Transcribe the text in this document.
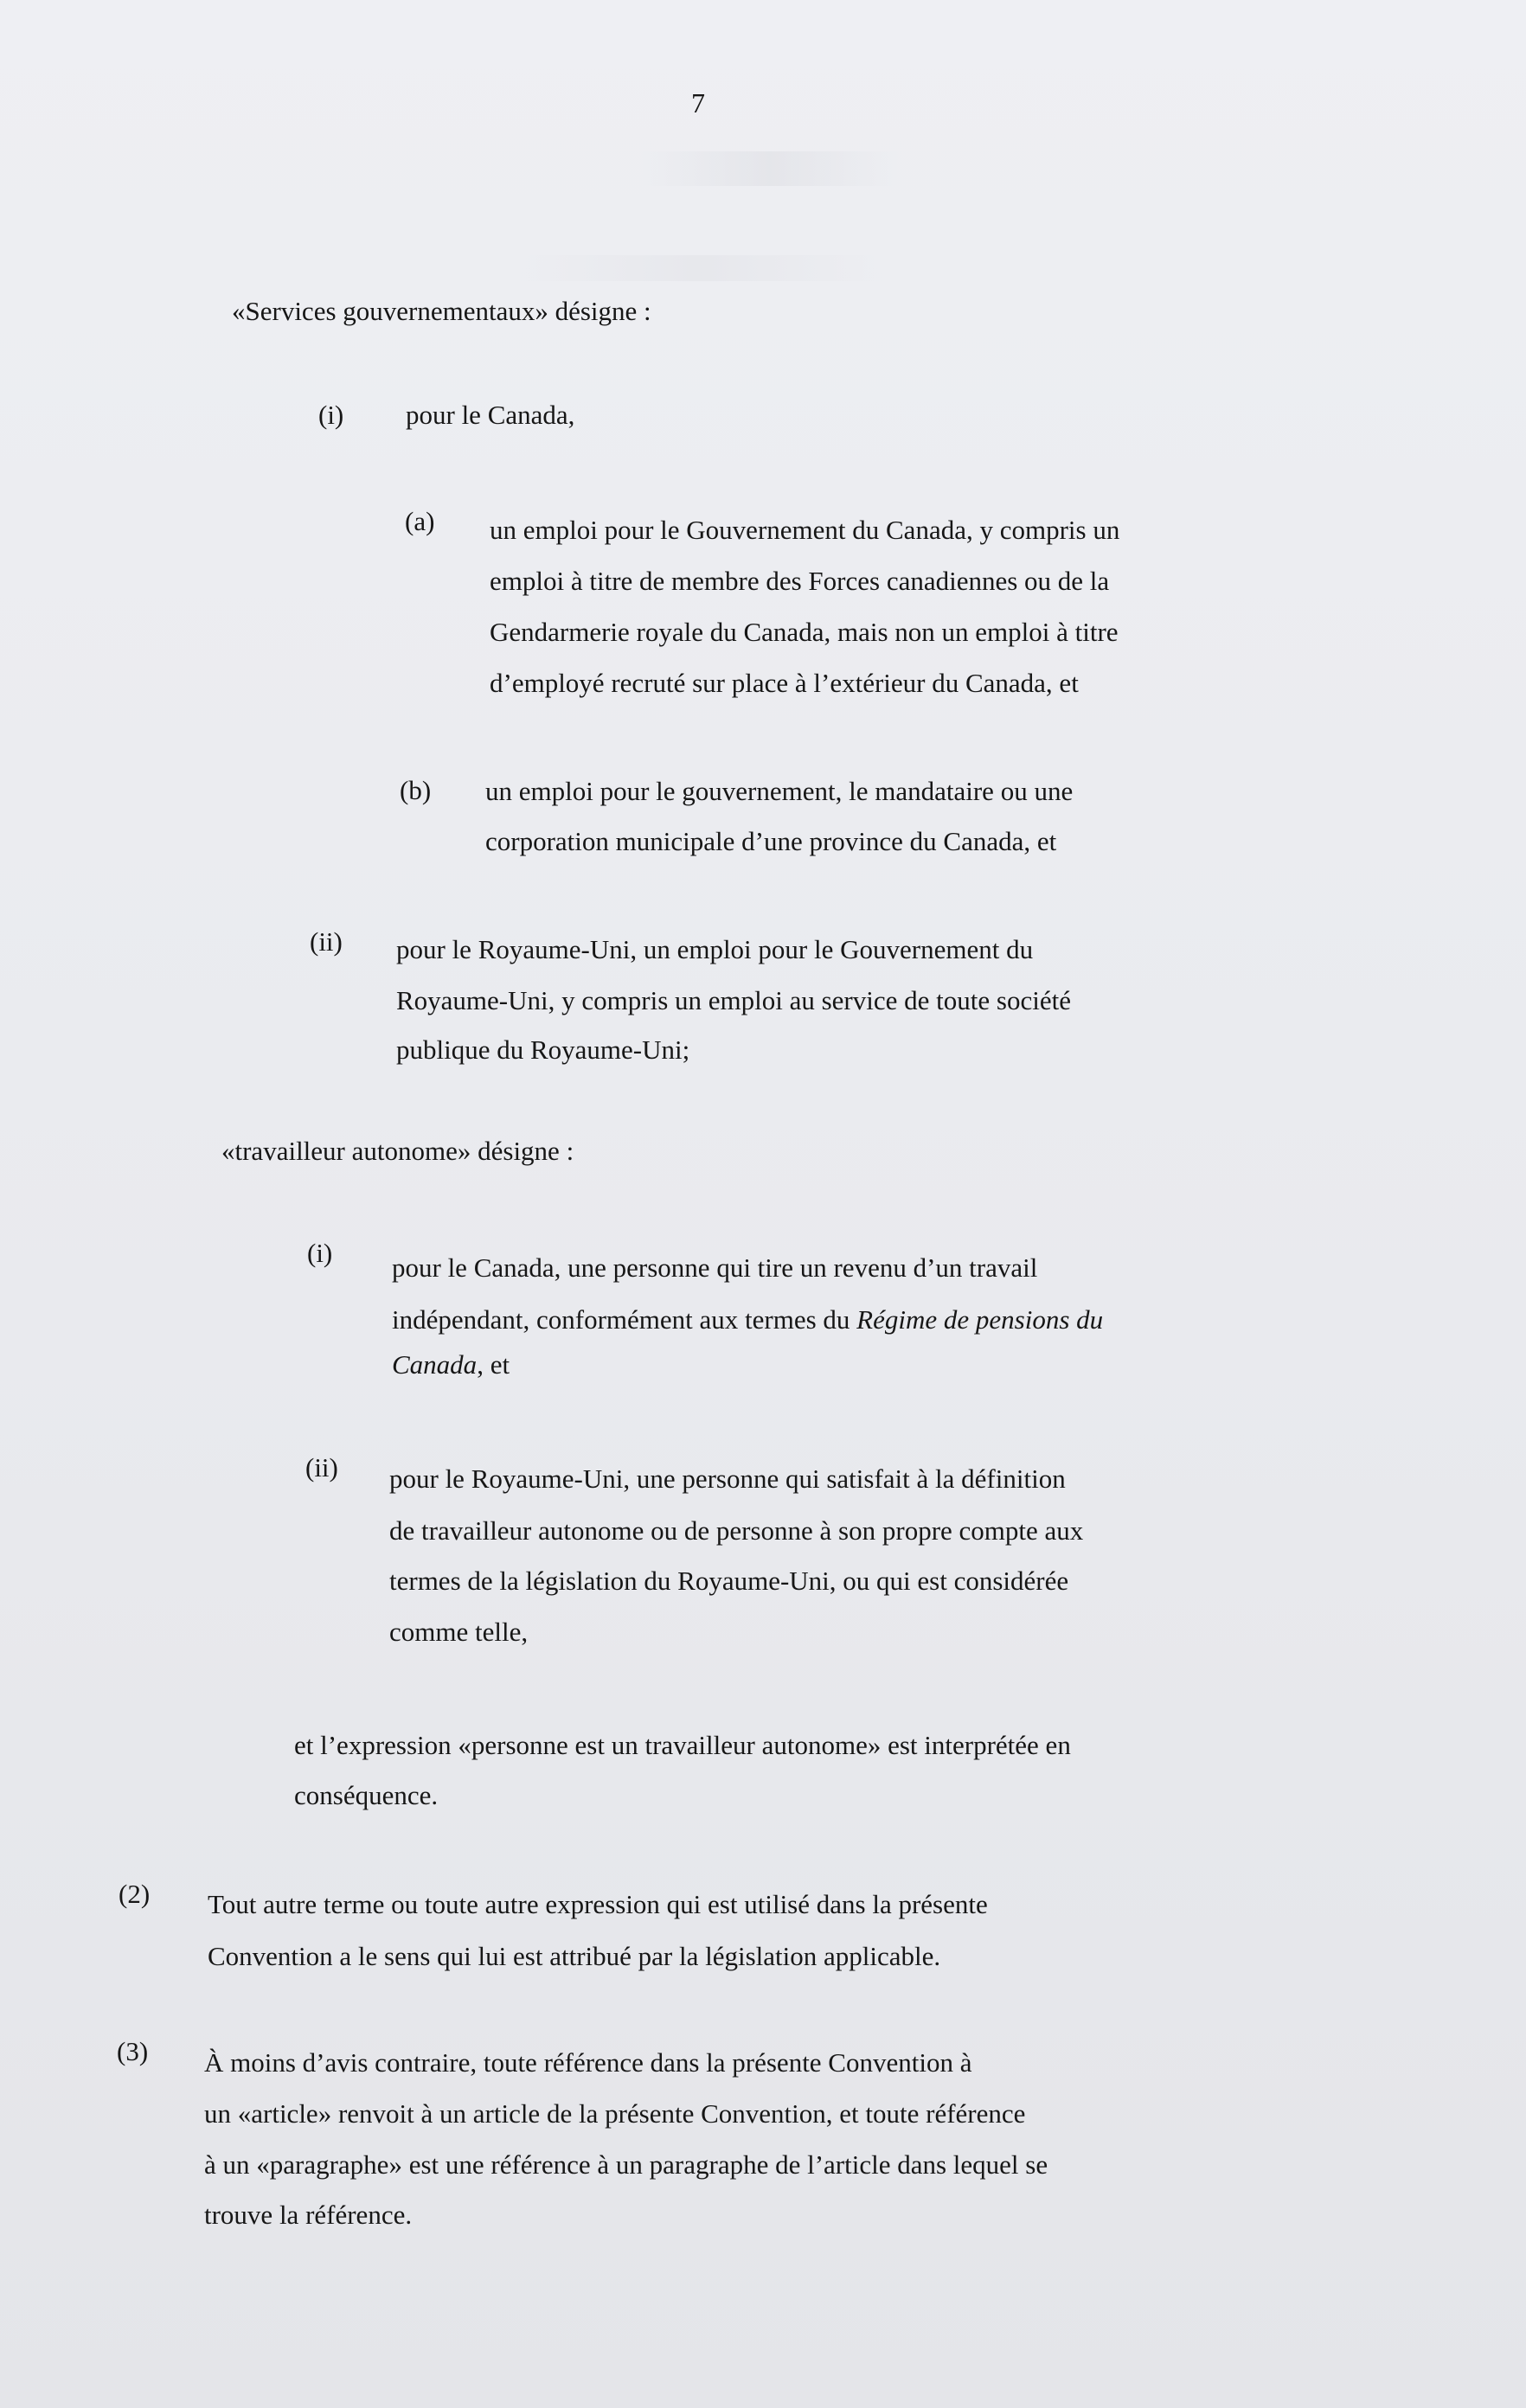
7
«Services gouvernementaux» désigne :
(i) pour le Canada,
(a) un emploi pour le Gouvernement du Canada, y compris un
emploi à titre de membre des Forces canadiennes ou de la
Gendarmerie royale du Canada, mais non un emploi à titre
d’employé recruté sur place à l’extérieur du Canada, et
(b) un emploi pour le gouvernement, le mandataire ou une
corporation municipale d’une province du Canada, et
(ii) pour le Royaume-Uni, un emploi pour le Gouvernement du
Royaume-Uni, y compris un emploi au service de toute société
publique du Royaume-Uni;
«travailleur autonome» désigne :
(i) pour le Canada, une personne qui tire un revenu d’un travail
indépendant, conformément aux termes du Régime de pensions du
Canada, et
(ii) pour le Royaume-Uni, une personne qui satisfait à la définition
de travailleur autonome ou de personne à son propre compte aux
termes de la législation du Royaume-Uni, ou qui est considérée
comme telle,
et l’expression «personne est un travailleur autonome» est interprétée en
conséquence.
(2) Tout autre terme ou toute autre expression qui est utilisé dans la présente
Convention a le sens qui lui est attribué par la législation applicable.
(3) À moins d’avis contraire, toute référence dans la présente Convention à
un «article» renvoit à un article de la présente Convention, et toute référence
à un «paragraphe» est une référence à un paragraphe de l’article dans lequel se
trouve la référence.
